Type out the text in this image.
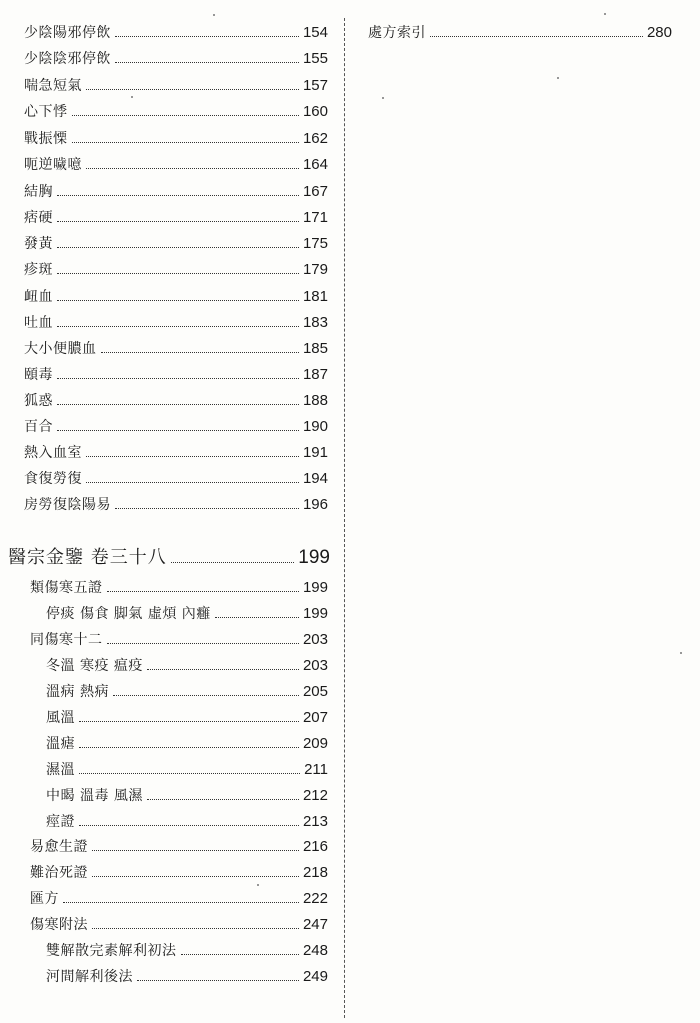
少陰陽邪停飲	154
少陰陰邪停飲	155
喘急短氣	157
心下悸	160
戰振慄	162
呃逆噦噫	164
結胸	167
痞硬	171
發黃	175
疹斑	179
衄血	181
吐血	183
大小便膿血	185
頤毒	187
狐惑	188
百合	190
熱入血室	191
食復勞復	194
房勞復陰陽易	196
醫宗金鑒 卷三十八	199
類傷寒五證	199
停痰 傷食 脚氣 虛煩 內癰	199
同傷寒十二	203
冬溫 寒疫 瘟疫	203
溫病 熱病	205
風溫	207
溫瘧	209
濕溫	211
中暍 溫毒 風濕	212
痙證	213
易愈生證	216
難治死證	218
匯方	222
傷寒附法	247
雙解散完素解利初法	248
河間解利後法	249
處方索引	280
